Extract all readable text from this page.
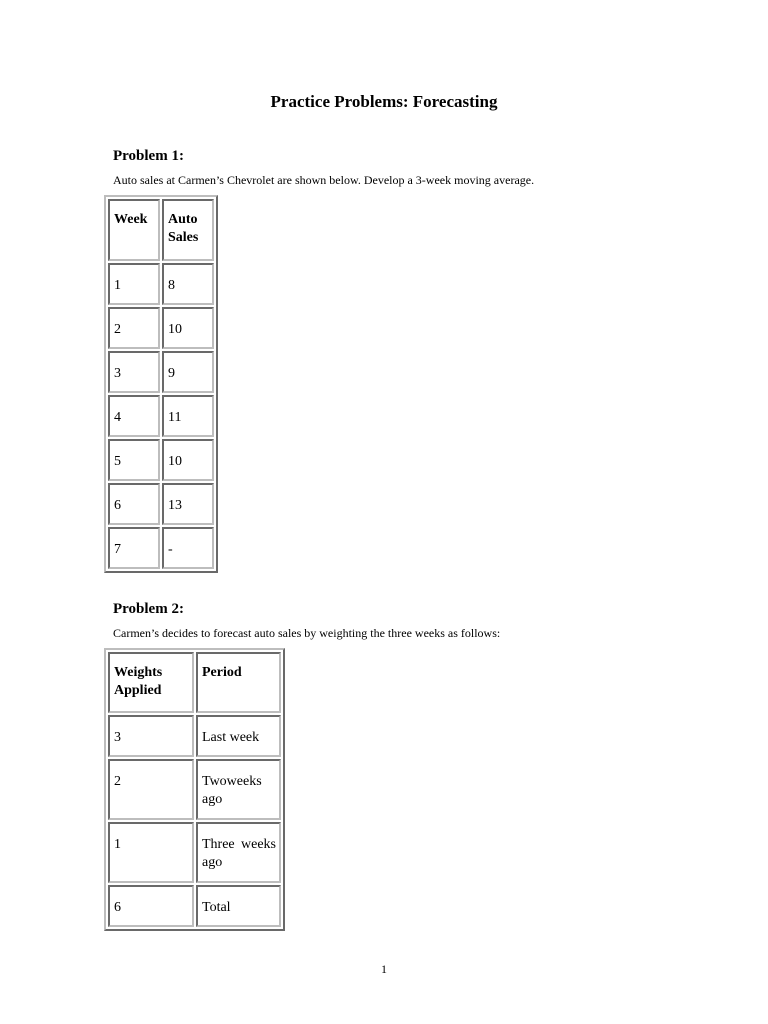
Practice Problems: Forecasting
Problem 1:
Auto sales at Carmen’s Chevrolet are shown below. Develop a 3-week moving average.
Week	Auto Sales
1	8
2	10
3	9
4	11
5	10
6	13
7	-
Problem 2:
Carmen’s decides to forecast auto sales by weighting the three weeks as follows:
Weights Applied	Period
3	Last week
2	Twoweeks ago
1	Three weeks ago
6	Total
1
